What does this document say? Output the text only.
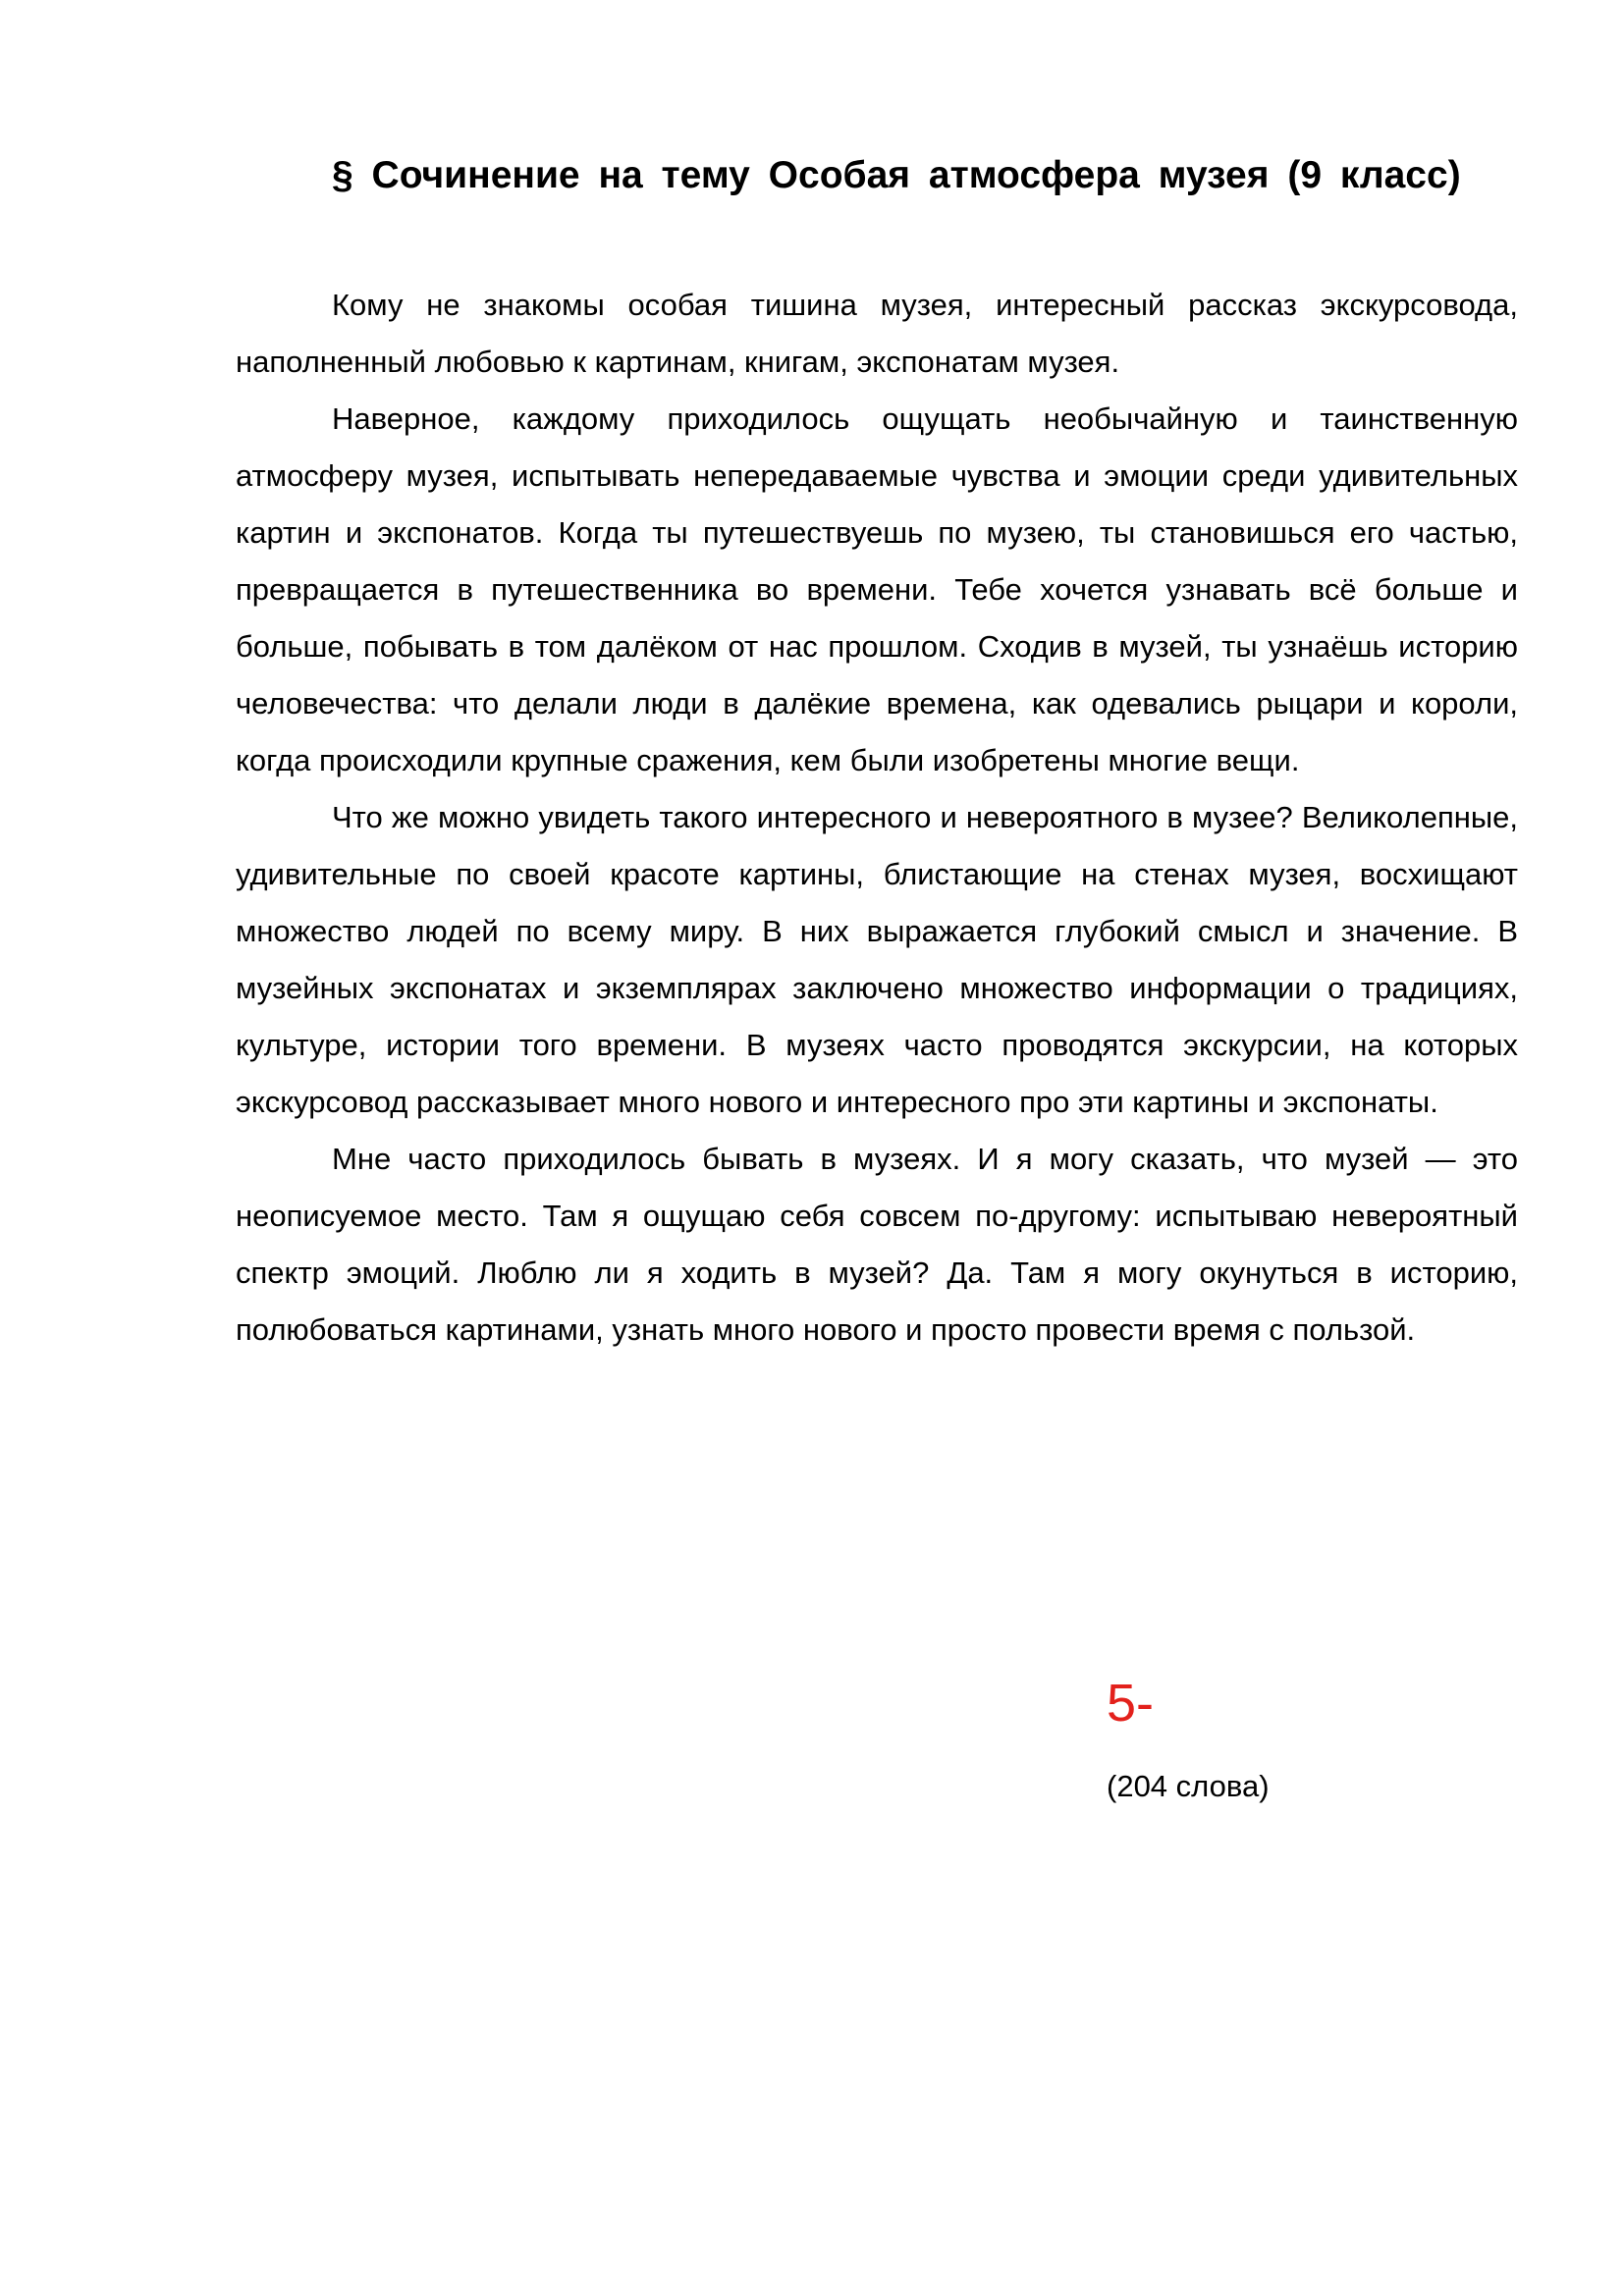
§ Сочинение на тему Особая атмосфера музея (9 класс)

Кому не знакомы особая тишина музея, интересный рассказ экскурсовода, наполненный любовью к картинам, книгам, экспонатам музея.

Наверное, каждому приходилось ощущать необычайную и таинственную атмосферу музея, испытывать непередаваемые чувства и эмоции среди удивительных картин и экспонатов. Когда ты путешествуешь по музею, ты становишься его частью, превращается в путешественника во времени. Тебе хочется узнавать всё больше и больше, побывать в том далёком от нас прошлом. Сходив в музей, ты узнаёшь историю человечества: что делали люди в далёкие времена, как одевались рыцари и короли, когда происходили крупные сражения, кем были изобретены многие вещи.

Что же можно увидеть такого интересного и невероятного в музее? Великолепные, удивительные по своей красоте картины, блистающие на стенах музея, восхищают множество людей по всему миру. В них выражается глубокий смысл и значение. В музейных экспонатах и экземплярах заключено множество информации о традициях, культуре, истории того времени. В музеях часто проводятся экскурсии, на которых экскурсовод рассказывает много нового и интересного про эти картины и экспонаты.

Мне часто приходилось бывать в музеях. И я могу сказать, что музей — это неописуемое место. Там я ощущаю себя совсем по-другому: испытываю невероятный спектр эмоций. Люблю ли я ходить в музей? Да. Там я могу окунуться в историю, полюбоваться картинами, узнать много нового и просто провести время с пользой.

5-
(204 слова)
